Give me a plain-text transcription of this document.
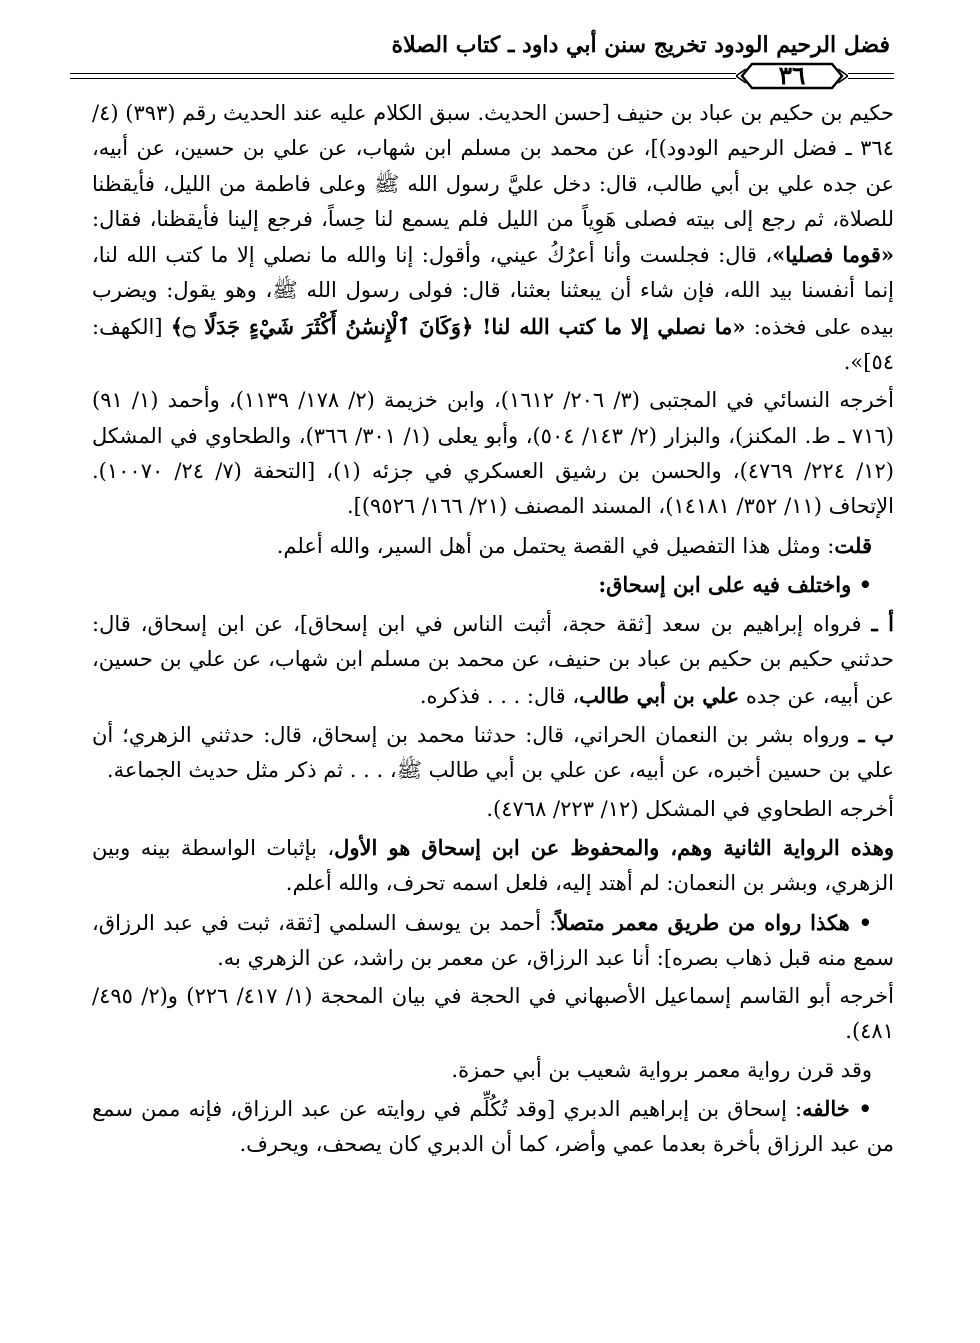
فضل الرحيم الودود تخريج سنن أبي داود ـ كتاب الصلاة
٣٦

حكيم بن حكيم بن عباد بن حنيف [حسن الحديث. سبق الكلام عليه عند الحديث رقم (٣٩٣) (٤/ ٣٦٤ ـ فضل الرحيم الودود)]، عن محمد بن مسلم ابن شهاب، عن علي بن حسين، عن أبيه، عن جده علي بن أبي طالب، قال: دخل عليَّ رسول الله ﷺ وعلى فاطمة من الليل، فأيقظنا للصلاة، ثم رجع إلى بيته فصلى هَوِياً من الليل فلم يسمع لنا حِساً، فرجع إلينا فأيقظنا، فقال: «قوما فصليا»، قال: فجلست وأنا أعرُكُ عيني، وأقول: إنا والله ما نصلي إلا ما كتب الله لنا، إنما أنفسنا بيد الله، فإن شاء أن يبعثنا بعثنا، قال: فولى رسول الله ﷺ، وهو يقول: ويضرب بيده على فخذه: «ما نصلي إلا ما كتب الله لنا! ﴿وَكَانَ ٱلْإِنسَٰنُ أَكْثَرَ شَيْءٍ جَدَلًا ۝﴾ [الكهف: ٥٤]».

أخرجه النسائي في المجتبى (٣/ ٢٠٦/ ١٦١٢)، وابن خزيمة (٢/ ١٧٨/ ١١٣٩)، وأحمد (١/ ٩١) (٧١٦ ـ ط. المكنز)، والبزار (٢/ ١٤٣/ ٥٠٤)، وأبو يعلى (١/ ٣٠١/ ٣٦٦)، والطحاوي في المشكل (١٢/ ٢٢٤/ ٤٧٦٩)، والحسن بن رشيق العسكري في جزئه (١)، [التحفة (٧/ ٢٤/ ١٠٠٧٠). الإتحاف (١١/ ٣٥٢/ ١٤١٨١)، المسند المصنف (٢١/ ١٦٦/ ٩٥٢٦)].

قلت: ومثل هذا التفصيل في القصة يحتمل من أهل السير، والله أعلم.

• واختلف فيه على ابن إسحاق:

أ ـ فرواه إبراهيم بن سعد [ثقة حجة، أثبت الناس في ابن إسحاق]، عن ابن إسحاق، قال: حدثني حكيم بن حكيم بن عباد بن حنيف، عن محمد بن مسلم ابن شهاب، عن علي بن حسين، عن أبيه، عن جده علي بن أبي طالب، قال: . . . فذكره.

ب ـ ورواه بشر بن النعمان الحراني، قال: حدثنا محمد بن إسحاق، قال: حدثني الزهري؛ أن علي بن حسين أخبره، عن أبيه، عن علي بن أبي طالب ﷺ، . . . ثم ذكر مثل حديث الجماعة.

أخرجه الطحاوي في المشكل (١٢/ ٢٢٣/ ٤٧٦٨).

وهذه الرواية الثانية وهم، والمحفوظ عن ابن إسحاق هو الأول، بإثبات الواسطة بينه وبين الزهري، وبشر بن النعمان: لم أهتد إليه، فلعل اسمه تحرف، والله أعلم.

• هكذا رواه من طريق معمر متصلاً: أحمد بن يوسف السلمي [ثقة، ثبت في عبد الرزاق، سمع منه قبل ذهاب بصره]: أنا عبد الرزاق، عن معمر بن راشد، عن الزهري به.

أخرجه أبو القاسم إسماعيل الأصبهاني في الحجة في بيان المحجة (١/ ٤١٧/ ٢٢٦) و(٢/ ٤٩٥/ ٤٨١).

وقد قرن رواية معمر برواية شعيب بن أبي حمزة.

• خالفه: إسحاق بن إبراهيم الدبري [وقد تُكُلِّم في روايته عن عبد الرزاق، فإنه ممن سمع من عبد الرزاق بأخرة بعدما عمي وأضر، كما أن الدبري كان يصحف، ويحرف.
